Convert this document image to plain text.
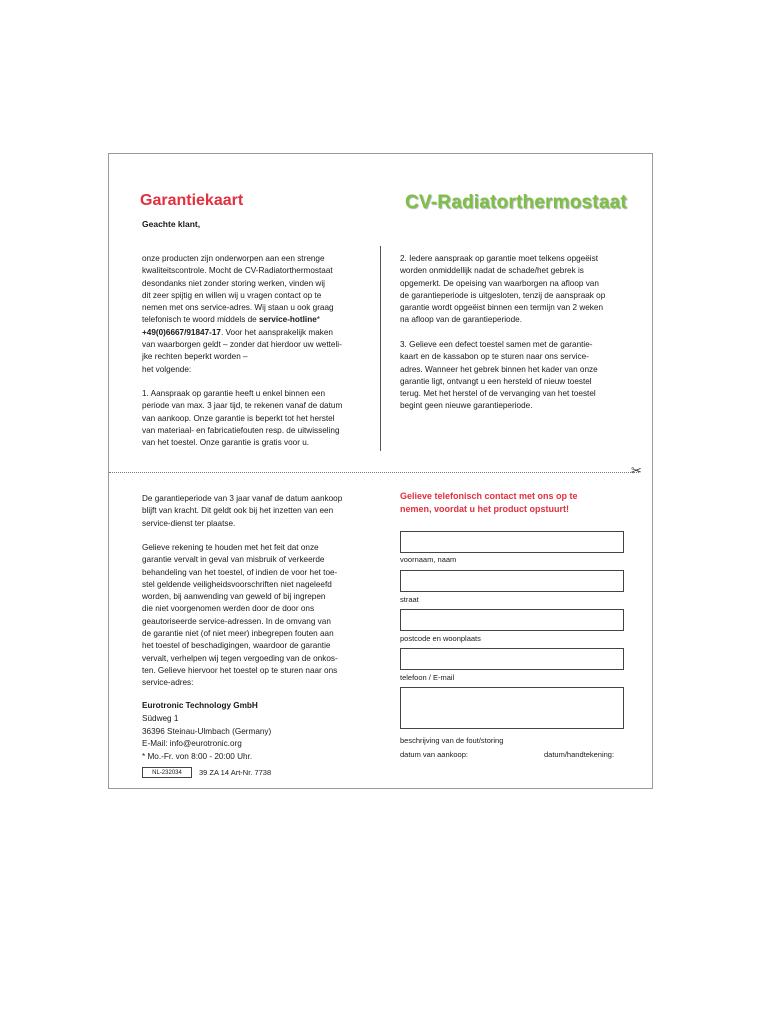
Garantiekaart	CV-Radiatorthermostaat
Geachte klant,
onze producten zijn onderworpen aan een strenge
kwaliteitscontrole. Mocht de CV-Radiatorthermostaat
desondanks niet zonder storing werken, vinden wij
dit zeer spijtig en willen wij u vragen contact op te
nemen met ons service-adres. Wij staan u ook graag
telefonisch te woord middels de service-hotline*
+49(0)6667/91847-17. Voor het aansprakelijk maken
van waarborgen geldt – zonder dat hierdoor uw wetteli-
jke rechten beperkt worden –
het volgende:
1. Aanspraak op garantie heeft u enkel binnen een
periode van max. 3 jaar tijd, te rekenen vanaf de datum
van aankoop. Onze garantie is beperkt tot het herstel
van materiaal- en fabricatiefouten resp. de uitwisseling
van het toestel. Onze garantie is gratis voor u.
2. Iedere aanspraak op garantie moet telkens opgeëist
worden onmiddellijk nadat de schade/het gebrek is
opgemerkt. De opeising van waarborgen na afloop van
de garantieperiode is uitgesloten, tenzij de aanspraak op
garantie wordt opgeëist binnen een termijn van 2 weken
na afloop van de garantieperiode.
3. Gelieve een defect toestel samen met de garantie-
kaart en de kassabon op te sturen naar ons service-
adres. Wanneer het gebrek binnen het kader van onze
garantie ligt, ontvangt u een hersteld of nieuw toestel
terug. Met het herstel of de vervanging van het toestel
begint geen nieuwe garantieperiode.
✂
De garantieperiode van 3 jaar vanaf de datum aankoop
blijft van kracht. Dit geldt ook bij het inzetten van een
service-dienst ter plaatse.
Gelieve rekening te houden met het feit dat onze
garantie vervalt in geval van misbruik of verkeerde
behandeling van het toestel, of indien de voor het toe-
stel geldende veiligheidsvoorschriften niet nageleefd
worden, bij aanwending van geweld of bij ingrepen
die niet voorgenomen werden door de door ons
geautoriseerde service-adressen. In de omvang van
de garantie niet (of niet meer) inbegrepen fouten aan
het toestel of beschadigingen, waardoor de garantie
vervalt, verhelpen wij tegen vergoeding van de onkos-
ten. Gelieve hiervoor het toestel op te sturen naar ons
service-adres:
Eurotronic Technology GmbH
Südweg 1
36396 Steinau-Ulmbach (Germany)
E-Mail: info@eurotronic.org
* Mo.-Fr. von 8:00 - 20:00 Uhr.
NL-232034	39 ZA 14 Art-Nr. 7738
Gelieve telefonisch contact met ons op te
nemen, voordat u het product opstuurt!
voornaam, naam
straat
postcode en woonplaats
telefoon / E-mail
beschrijving van de fout/storing
datum van aankoop:	datum/handtekening:
